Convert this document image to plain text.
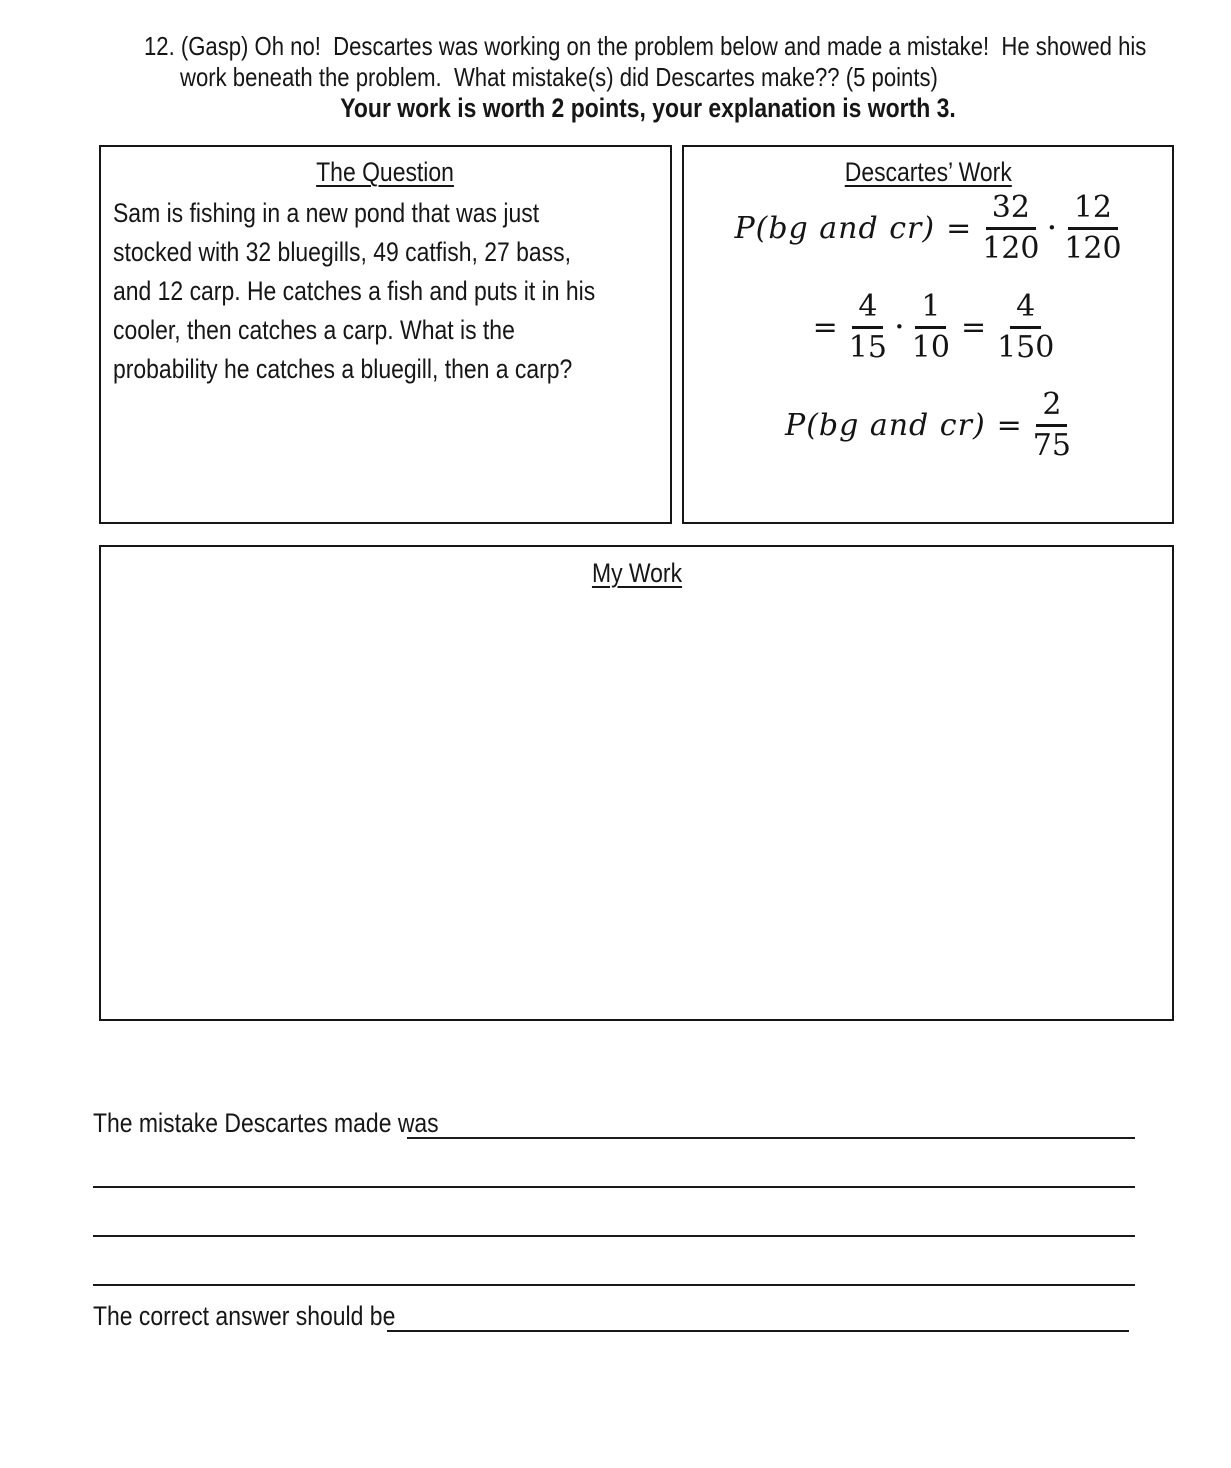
12. (Gasp) Oh no!  Descartes was working on the problem below and made a mistake!  He showed his
work beneath the problem.  What mistake(s) did Descartes make?? (5 points)
Your work is worth 2 points, your explanation is worth 3.
The Question
Sam is fishing in a new pond that was just
stocked with 32 bluegills, 49 catfish, 27 bass,
and 12 carp. He catches a fish and puts it in his
cooler, then catches a carp. What is the
probability he catches a bluegill, then a carp?
Descartes’ Work
P(bg and $cr) = \frac{32}{120} \cdot \frac{12}{120}$
= $\frac{4}{15} \cdot \frac{1}{10} = \frac{4}{150}$
P(bg and $cr) = \frac{2}{75}$
My Work
The mistake Descartes made was
The correct answer should be
